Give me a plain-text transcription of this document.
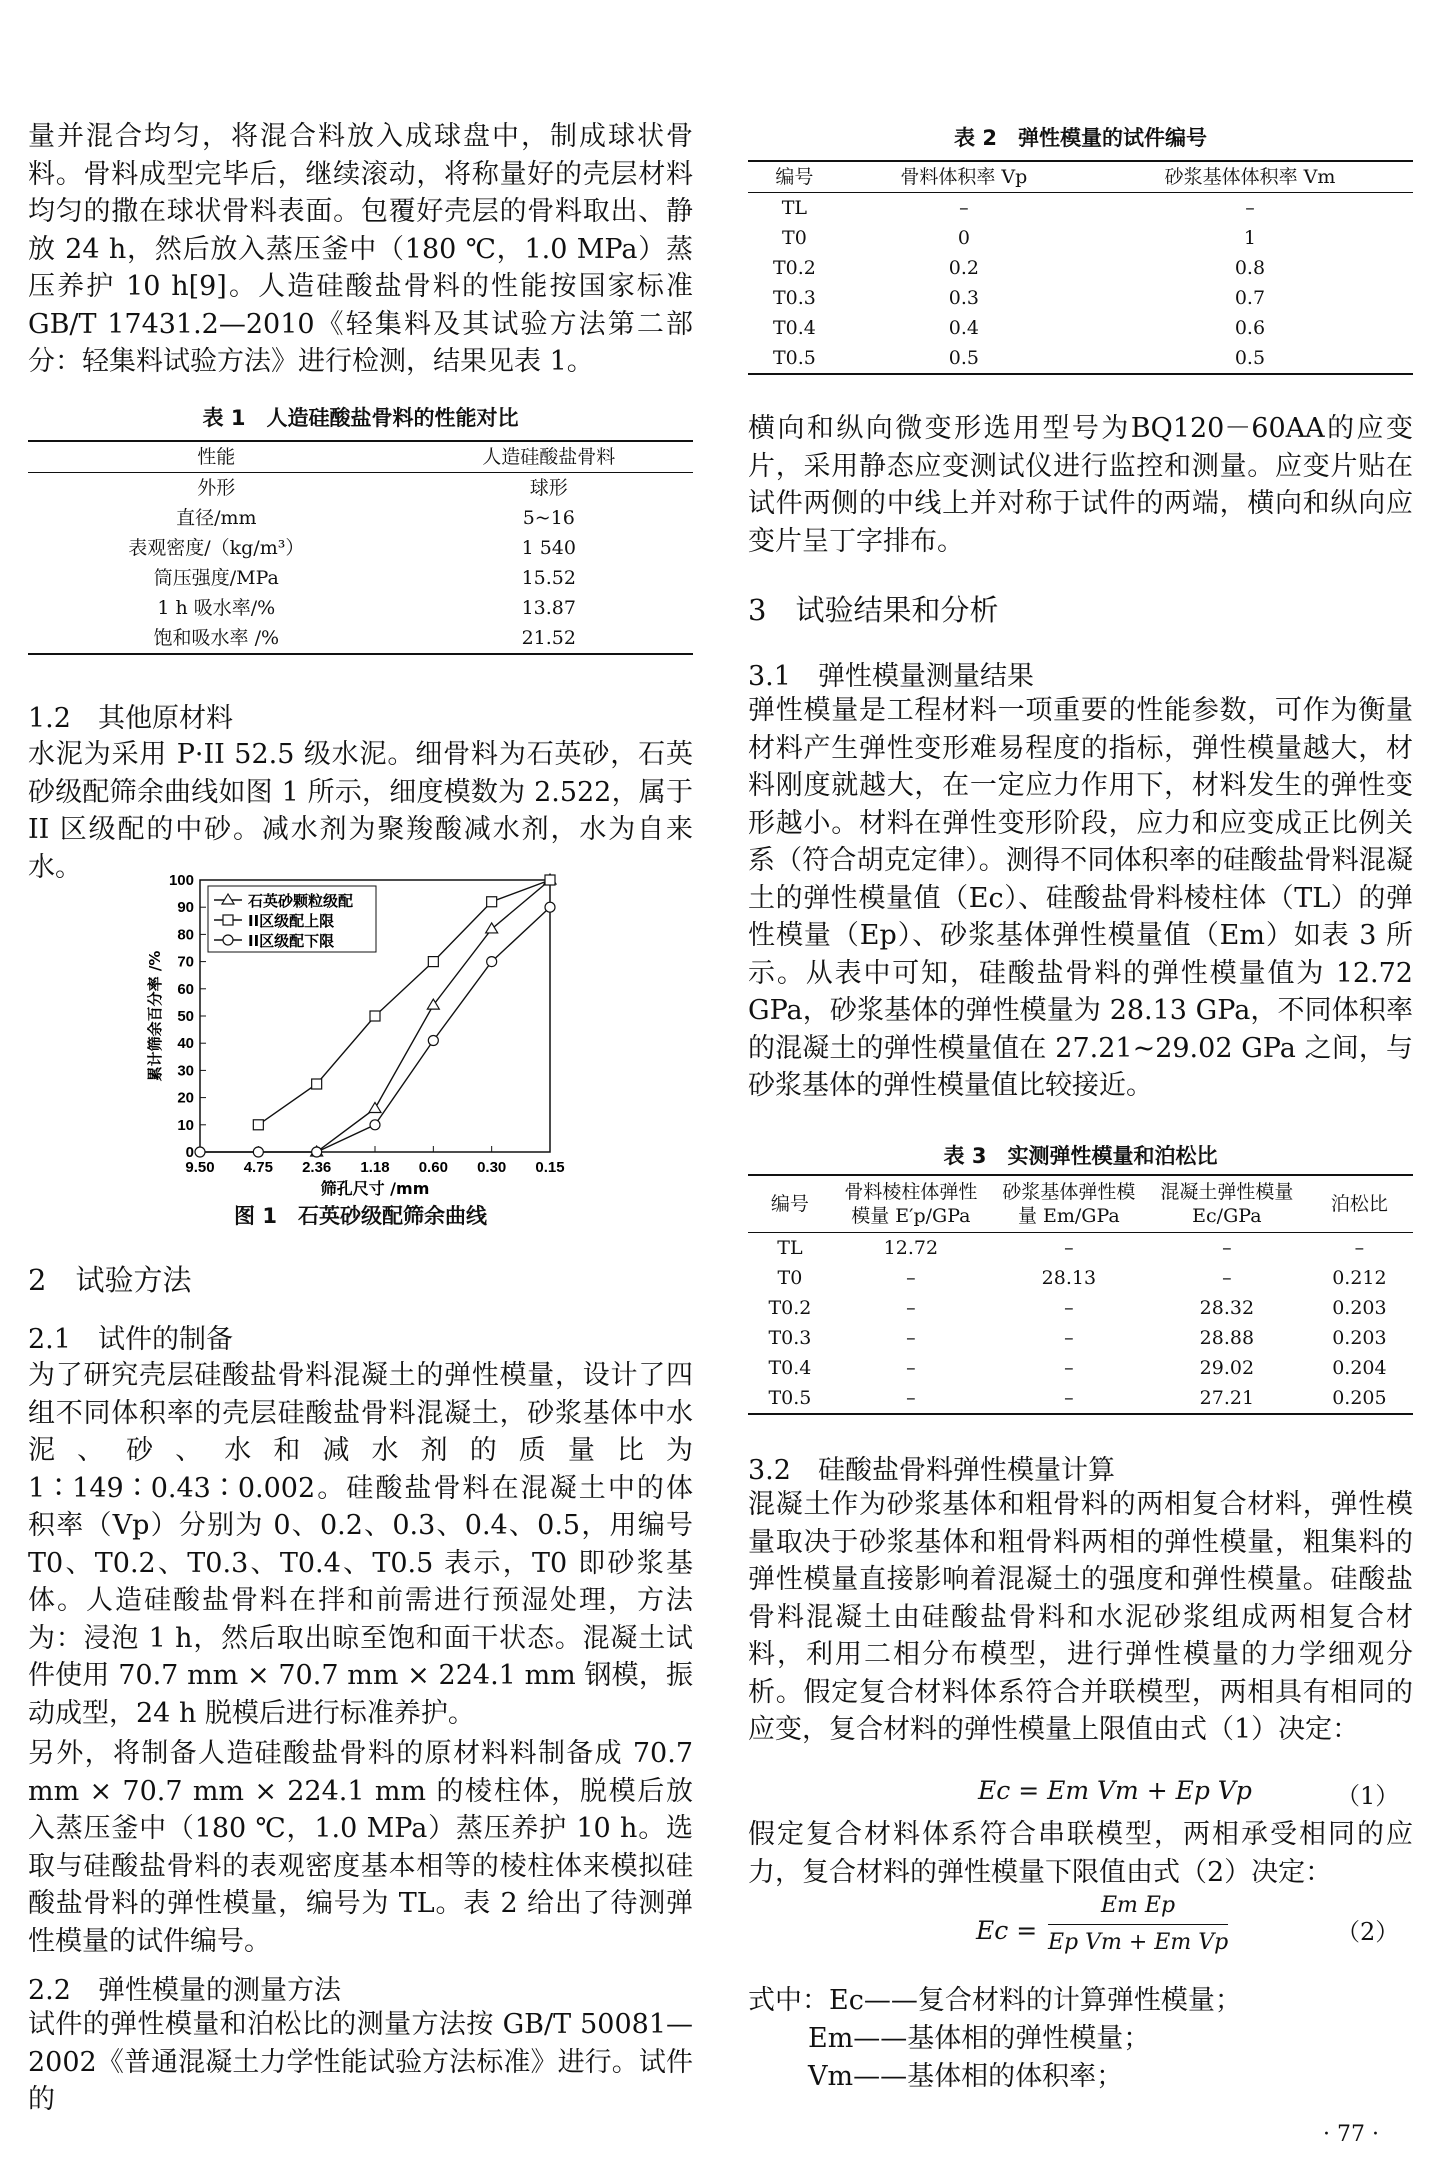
量并混合均匀，将混合料放入成球盘中，制成球状骨料。骨料成型完毕后，继续滚动，将称量好的壳层材料均匀的撒在球状骨料表面。包覆好壳层的骨料取出、静放 24 h，然后放入蒸压釜中（180 ℃，1.0 MPa）蒸压养护 10 h[9]。人造硅酸盐骨料的性能按国家标准 GB/T 17431.2—2010《轻集料及其试验方法第二部分：轻集料试验方法》进行检测，结果见表 1。

表 1　人造硅酸盐骨料的性能对比
性能	人造硅酸盐骨料
外形	球形
直径/mm	5~16
表观密度/（kg/m³）	1 540
筒压强度/MPa	15.52
1 h 吸水率/%	13.87
饱和吸水率 /%	21.52
1.2　其他原材料

水泥为采用 P·II 52.5 级水泥。细骨料为石英砂，石英砂级配筛余曲线如图 1 所示，细度模数为 2.522，属于 II 区级配的中砂。减水剂为聚羧酸减水剂，水为自来水。

0
10
20
30
40
50
60
70
80
90
100
9.50 4.75 2.36 1.18 0.60 0.30 0.15
筛孔尺寸 /mm
累计筛余百分率 /%
石英砂颗粒级配
II区级配上限
II区级配下限
图 1　石英砂级配筛余曲线
2　试验方法
2.1　试件的制备

为了研究壳层硅酸盐骨料混凝土的弹性模量，设计了四组不同体积率的壳层硅酸盐骨料混凝土，砂浆基体中水泥、砂、水和减水剂的质量比为 1∶149∶0.43∶0.002。硅酸盐骨料在混凝土中的体积率（Vp）分别为 0、0.2、0.3、0.4、0.5，用编号 T0、T0.2、T0.3、T0.4、T0.5 表示，T0 即砂浆基体。人造硅酸盐骨料在拌和前需进行预湿处理，方法为：浸泡 1 h，然后取出晾至饱和面干状态。混凝土试件使用 70.7 mm × 70.7 mm × 224.1 mm 钢模，振动成型，24 h 脱模后进行标准养护。

另外，将制备人造硅酸盐骨料的原材料料制备成 70.7 mm × 70.7 mm × 224.1 mm 的棱柱体，脱模后放入蒸压釜中（180 ℃，1.0 MPa）蒸压养护 10 h。选取与硅酸盐骨料的表观密度基本相等的棱柱体来模拟硅酸盐骨料的弹性模量，编号为 TL。表 2 给出了待测弹性模量的试件编号。

2.2　弹性模量的测量方法

试件的弹性模量和泊松比的测量方法按 GB/T 50081—2002《普通混凝土力学性能试验方法标准》进行。试件的

表 2　弹性模量的试件编号
编号	骨料体积率 Vp	砂浆基体体积率 Vm
TL	–	–
T0	0	1
T0.2	0.2	0.8
T0.3	0.3	0.7
T0.4	0.4	0.6
T0.5	0.5	0.5

横向和纵向微变形选用型号为BQ120－60AA的应变片，采用静态应变测试仪进行监控和测量。应变片贴在试件两侧的中线上并对称于试件的两端，横向和纵向应变片呈丁字排布。

3　试验结果和分析
3.1　弹性模量测量结果

弹性模量是工程材料一项重要的性能参数，可作为衡量材料产生弹性变形难易程度的指标，弹性模量越大，材料刚度就越大，在一定应力作用下，材料发生的弹性变形越小。材料在弹性变形阶段，应力和应变成正比例关系（符合胡克定律）。测得不同体积率的硅酸盐骨料混凝土的弹性模量值（Ec）、硅酸盐骨料棱柱体（TL）的弹性模量（Ep）、砂浆基体弹性模量值（Em）如表 3 所示。从表中可知，硅酸盐骨料的弹性模量值为 12.72 GPa，砂浆基体的弹性模量为 28.13 GPa，不同体积率的混凝土的弹性模量值在 27.21~29.02 GPa 之间，与砂浆基体的弹性模量值比较接近。

表 3　实测弹性模量和泊松比
编号	骨料棱柱体弹性模量 E′p/GPa	砂浆基体弹性模量 Em/GPa	混凝土弹性模量 Ec/GPa	泊松比
TL	12.72	–	–	–
T0	–	28.13	–	0.212
T0.2	–	–	28.32	0.203
T0.3	–	–	28.88	0.203
T0.4	–	–	29.02	0.204
T0.5	–	–	27.21	0.205
3.2　硅酸盐骨料弹性模量计算

混凝土作为砂浆基体和粗骨料的两相复合材料，弹性模量取决于砂浆基体和粗骨料两相的弹性模量，粗集料的弹性模量直接影响着混凝土的强度和弹性模量。硅酸盐骨料混凝土由硅酸盐骨料和水泥砂浆组成两相复合材料，利用二相分布模型，进行弹性模量的力学细观分析。假定复合材料体系符合并联模型，两相具有相同的应变，复合材料的弹性模量上限值由式（1）决定：

Ec = Em Vm + Ep Vp	（1）

假定复合材料体系符合串联模型，两相承受相同的应力，复合材料的弹性模量下限值由式（2）决定：

Ec =
Em Ep
Ep Vm + Em Vp	（2）
式中：Ec——复合材料的计算弹性模量；
Em——基体相的弹性模量；
Vm——基体相的体积率；
· 77 ·
